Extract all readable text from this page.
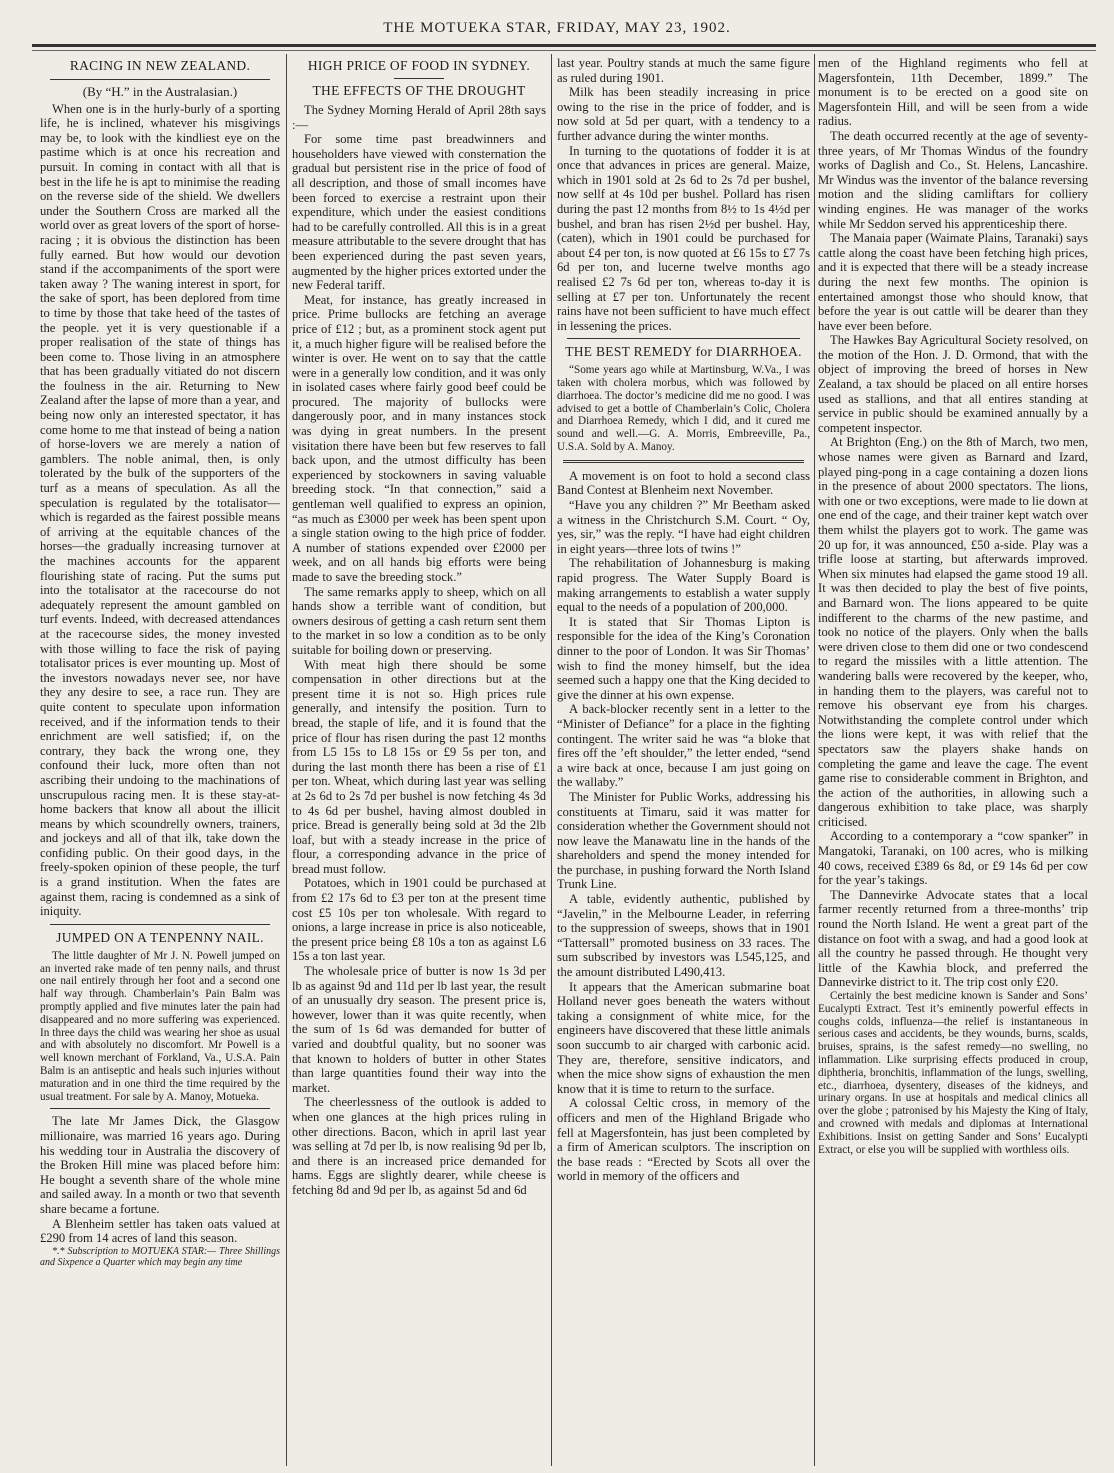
THE MOTUEKA STAR, FRIDAY, MAY 23, 1902.
RACING IN NEW ZEALAND.
(By “H.” in the Australasian.)

When one is in the hurly-burly of a sporting life, he is inclined, whatever his misgivings may be, to look with the kindliest eye on the pastime which is at once his recreation and pursuit. In coming in contact with all that is best in the life he is apt to minimise the reading on the reverse side of the shield. We dwellers under the Southern Cross are marked all the world over as great lovers of the sport of horse-racing ; it is obvious the distinction has been fully earned. But how would our devotion stand if the accompaniments of the sport were taken away ? The waning interest in sport, for the sake of sport, has been deplored from time to time by those that take heed of the tastes of the people. yet it is very questionable if a proper realisation of the state of things has been come to. Those living in an atmosphere that has been gradually vitiated do not discern the foulness in the air. Returning to New Zealand after the lapse of more than a year, and being now only an interested spectator, it has come home to me that instead of being a nation of horse-lovers we are merely a nation of gamblers. The noble animal, then, is only tolerated by the bulk of the supporters of the turf as a means of speculation. As all the speculation is regulated by the totalisator—which is regarded as the fairest possible means of arriving at the equitable chances of the horses—the gradually increasing turnover at the machines accounts for the apparent flourishing state of racing. Put the sums put into the totalisator at the racecourse do not adequately represent the amount gambled on turf events. Indeed, with decreased attendances at the racecourse sides, the money invested with those willing to face the risk of paying totalisator prices is ever mounting up. Most of the investors nowadays never see, nor have they any desire to see, a race run. They are quite content to speculate upon information received, and if the information tends to their enrichment are well satisfied; if, on the contrary, they back the wrong one, they confound their luck, more often than not ascribing their undoing to the machinations of unscrupulous racing men. It is these stay-at-home backers that know all about the illicit means by which scoundrelly owners, trainers, and jockeys and all of that ilk, take down the confiding public. On their good days, in the freely-spoken opinion of these people, the turf is a grand institution. When the fates are against them, racing is condemned as a sink of iniquity.

JUMPED ON A TENPENNY NAIL.

The little daughter of Mr J. N. Powell jumped on an inverted rake made of ten penny nails, and thrust one nail entirely through her foot and a second one half way through. Chamberlain’s Pain Balm was promptly applied and five minutes later the pain had disappeared and no more suffering was experienced. In three days the child was wearing her shoe as usual and with absolutely no discomfort. Mr Powell is a well known merchant of Forkland, Va., U.S.A. Pain Balm is an antiseptic and heals such injuries without maturation and in one third the time required by the usual treatment. For sale by A. Manoy, Motueka.

The late Mr James Dick, the Glasgow millionaire, was married 16 years ago. During his wedding tour in Australia the discovery of the Broken Hill mine was placed before him: He bought a seventh share of the whole mine and sailed away. In a month or two that seventh share became a fortune.

A Blenheim settler has taken oats valued at £290 from 14 acres of land this season.

*.* Subscription to MOTUEKA STAR:— Three Shillings and Sixpence a Quarter which may begin any time

HIGH PRICE OF FOOD IN SYDNEY.
THE EFFECTS OF THE DROUGHT

The Sydney Morning Herald of April 28th says :—

For some time past breadwinners and householders have viewed with consternation the gradual but persistent rise in the price of food of all description, and those of small incomes have been forced to exercise a restraint upon their expenditure, which under the easiest conditions had to be carefully controlled. All this is in a great measure attributable to the severe drought that has been experienced during the past seven years, augmented by the higher prices extorted under the new Federal tariff.

Meat, for instance, has greatly increased in price. Prime bullocks are fetching an average price of £12 ; but, as a prominent stock agent put it, a much higher figure will be realised before the winter is over. He went on to say that the cattle were in a generally low condition, and it was only in isolated cases where fairly good beef could be procured. The majority of bullocks were dangerously poor, and in many instances stock was dying in great numbers. In the present visitation there have been but few reserves to fall back upon, and the utmost difficulty has been experienced by stockowners in saving valuable breeding stock. “In that connection,” said a gentleman well qualified to express an opinion, “as much as £3000 per week has been spent upon a single station owing to the high price of fodder. A number of stations expended over £2000 per week, and on all hands big efforts were being made to save the breeding stock.”

The same remarks apply to sheep, which on all hands show a terrible want of condition, but owners desirous of getting a cash return sent them to the market in so low a condition as to be only suitable for boiling down or preserving.

With meat high there should be some compensation in other directions but at the present time it is not so. High prices rule generally, and intensify the position. Turn to bread, the staple of life, and it is found that the price of flour has risen during the past 12 months from L5 15s to L8 15s or £9 5s per ton, and during the last month there has been a rise of £1 per ton. Wheat, which during last year was selling at 2s 6d to 2s 7d per bushel is now fetching 4s 3d to 4s 6d per bushel, having almost doubled in price. Bread is generally being sold at 3d the 2lb loaf, but with a steady increase in the price of flour, a corresponding advance in the price of bread must follow.

Potatoes, which in 1901 could be purchased at from £2 17s 6d to £3 per ton at the present time cost £5 10s per ton wholesale. With regard to onions, a large increase in price is also noticeable, the present price being £8 10s a ton as against L6 15s a ton last year.

The wholesale price of butter is now 1s 3d per lb as against 9d and 11d per lb last year, the result of an unusually dry season. The present price is, however, lower than it was quite recently, when the sum of 1s 6d was demanded for butter of varied and doubtful quality, but no sooner was that known to holders of butter in other States than large quantities found their way into the market.

The cheerlessness of the outlook is added to when one glances at the high prices ruling in other directions. Bacon, which in april last year was selling at 7d per lb, is now realising 9d per lb, and there is an increased price demanded for hams. Eggs are slightly dearer, while cheese is fetching 8d and 9d per lb, as against 5d and 6d

last year. Poultry stands at much the same figure as ruled during 1901.

Milk has been steadily increasing in price owing to the rise in the price of fodder, and is now sold at 5d per quart, with a tendency to a further advance during the winter months.

In turning to the quotations of fodder it is at once that advances in prices are general. Maize, which in 1901 sold at 2s 6d to 2s 7d per bushel, now sellf at 4s 10d per bushel. Pollard has risen during the past 12 months from 8½ to 1s 4½d per bushel, and bran has risen 2½d per bushel. Hay, (caten), which in 1901 could be purchased for about £4 per ton, is now quoted at £6 15s to £7 7s 6d per ton, and lucerne twelve months ago realised £2 7s 6d per ton, whereas to-day it is selling at £7 per ton. Unfortunately the recent rains have not been sufficient to have much effect in lessening the prices.

THE BEST REMEDY for DIARRHOEA.

“Some years ago while at Martinsburg, W.Va., I was taken with cholera morbus, which was followed by diarrhoea. The doctor’s medicine did me no good. I was advised to get a bottle of Chamberlain’s Colic, Cholera and Diarrhoea Remedy, which I did, and it cured me sound and well.—G. A. Morris, Embreeville, Pa., U.S.A. Sold by A. Manoy.

A movement is on foot to hold a second class Band Contest at Blenheim next November.

“Have you any children ?” Mr Beetham asked a witness in the Christchurch S.M. Court. “ Oy, yes, sir,” was the reply. “I have had eight children in eight years—three lots of twins !”

The rehabilitation of Johannesburg is making rapid progress. The Water Supply Board is making arrangements to establish a water supply equal to the needs of a population of 200,000.

It is stated that Sir Thomas Lipton is responsible for the idea of the King’s Coronation dinner to the poor of London. It was Sir Thomas’ wish to find the money himself, but the idea seemed such a happy one that the King decided to give the dinner at his own expense.

A back-blocker recently sent in a letter to the “Minister of Defiance” for a place in the fighting contingent. The writer said he was “a bloke that fires off the ’eft shoulder,” the letter ended, “send a wire back at once, because I am just going on the wallaby.”

The Minister for Public Works, addressing his constituents at Timaru, said it was matter for consideration whether the Government should not now leave the Manawatu line in the hands of the shareholders and spend the money intended for the purchase, in pushing forward the North Island Trunk Line.

A table, evidently authentic, published by “Javelin,” in the Melbourne Leader, in referring to the suppression of sweeps, shows that in 1901 “Tattersall” promoted business on 33 races. The sum subscribed by investors was L545,125, and the amount distributed L490,413.

It appears that the American submarine boat Holland never goes beneath the waters without taking a consignment of white mice, for the engineers have discovered that these little animals soon succumb to air charged with carbonic acid. They are, therefore, sensitive indicators, and when the mice show signs of exhaustion the men know that it is time to return to the surface.

A colossal Celtic cross, in memory of the officers and men of the Highland Brigade who fell at Magersfontein, has just been completed by a firm of American sculptors. The inscription on the base reads : “Erected by Scots all over the world in memory of the officers and

men of the Highland regiments who fell at Magersfontein, 11th December, 1899.” The monument is to be erected on a good site on Magersfontein Hill, and will be seen from a wide radius.

The death occurred recently at the age of seventy-three years, of Mr Thomas Windus of the foundry works of Daglish and Co., St. Helens, Lancashire. Mr Windus was the inventor of the balance reversing motion and the sliding camliftars for colliery winding engines. He was manager of the works while Mr Seddon served his apprenticeship there.

The Manaia paper (Waimate Plains, Taranaki) says cattle along the coast have been fetching high prices, and it is expected that there will be a steady increase during the next few months. The opinion is entertained amongst those who should know, that before the year is out cattle will be dearer than they have ever been before.

The Hawkes Bay Agricultural Society resolved, on the motion of the Hon. J. D. Ormond, that with the object of improving the breed of horses in New Zealand, a tax should be placed on all entire horses used as stallions, and that all entires standing at service in public should be examined annually by a competent inspector.

At Brighton (Eng.) on the 8th of March, two men, whose names were given as Barnard and Izard, played ping-pong in a cage containing a dozen lions in the presence of about 2000 spectators. The lions, with one or two exceptions, were made to lie down at one end of the cage, and their trainer kept watch over them whilst the players got to work. The game was 20 up for, it was announced, £50 a-side. Play was a trifle loose at starting, but afterwards improved. When six minutes had elapsed the game stood 19 all. It was then decided to play the best of five points, and Barnard won. The lions appeared to be quite indifferent to the charms of the new pastime, and took no notice of the players. Only when the balls were driven close to them did one or two condescend to regard the missiles with a little attention. The wandering balls were recovered by the keeper, who, in handing them to the players, was careful not to remove his observant eye from his charges. Notwithstanding the complete control under which the lions were kept, it was with relief that the spectators saw the players shake hands on completing the game and leave the cage. The event game rise to considerable comment in Brighton, and the action of the authorities, in allowing such a dangerous exhibition to take place, was sharply criticised.

According to a contemporary a “cow spanker” in Mangatoki, Taranaki, on 100 acres, who is milking 40 cows, received £389 6s 8d, or £9 14s 6d per cow for the year’s takings.

The Dannevirke Advocate states that a local farmer recently returned from a three-months’ trip round the North Island. He went a great part of the distance on foot with a swag, and had a good look at all the country he passed through. He thought very little of the Kawhia block, and preferred the Dannevirke district to it. The trip cost only £20.

Certainly the best medicine known is Sander and Sons’ Eucalypti Extract. Test it’s eminently powerful effects in coughs colds, influenza—the relief is instantaneous in serious cases and accidents, be they wounds, burns, scalds, bruises, sprains, is the safest remedy—no swelling, no inflammation. Like surprising effects produced in croup, diphtheria, bronchitis, inflammation of the lungs, swelling, etc., diarrhoea, dysentery, diseases of the kidneys, and urinary organs. In use at hospitals and medical clinics all over the globe ; patronised by his Majesty the King of Italy, and crowned with medals and diplomas at International Exhibitions. Insist on getting Sander and Sons’ Eucalypti Extract, or else you will be supplied with worthless oils.
